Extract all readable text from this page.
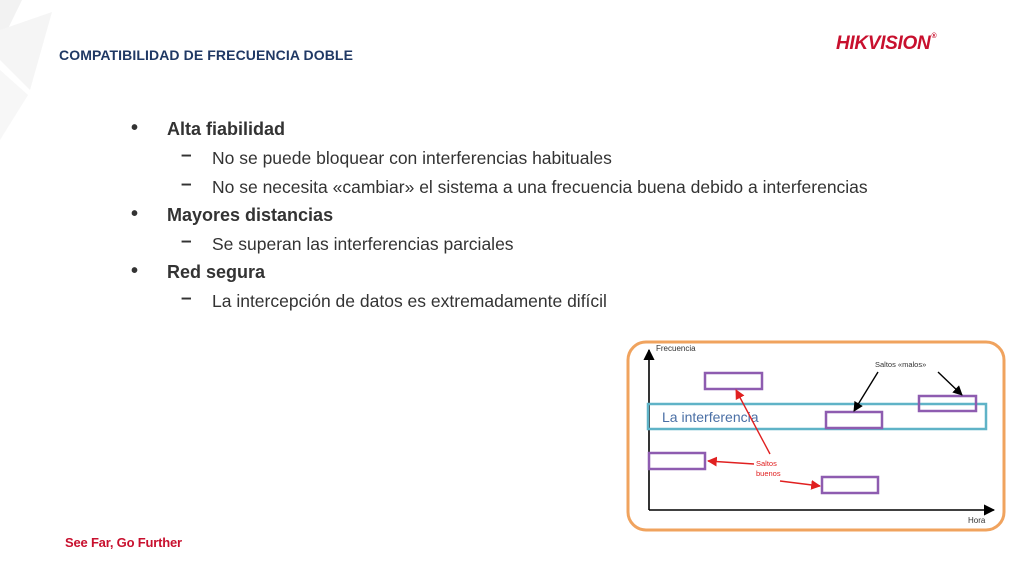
COMPATIBILIDAD DE FRECUENCIA DOBLE
HIKVISION®
• Alta fiabilidad
– No se puede bloquear con interferencias habituales
– No se necesita «cambiar» el sistema a una frecuencia buena debido a interferencias
• Mayores distancias
– Se superan las interferencias parciales
• Red segura
– La intercepción de datos es extremadamente difícil
Frecuencia
Hora
La interferencia
Saltos «malos»
Saltos
buenos
See Far, Go Further
